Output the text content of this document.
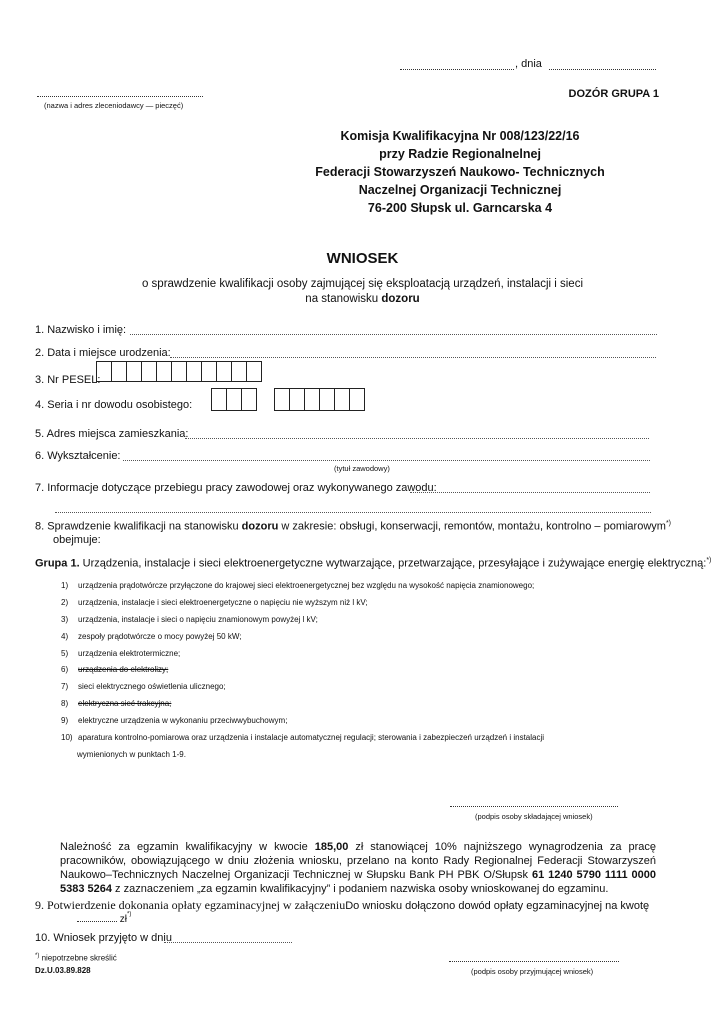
, dnia
(nazwa i adres zleceniodawcy — pieczęć)
DOZÓR GRUPA 1
Komisja Kwalifikacyjna Nr 008/123/22/16
przy Radzie Regionalnelnej
Federacji Stowarzyszeń Naukowo- Technicznych
Naczelnej Organizacji Technicznej
76-200 Słupsk ul. Garncarska 4
WNIOSEK
o sprawdzenie kwalifikacji osoby zajmującej się eksploatacją urządzeń, instalacji i sieci
na stanowisku dozoru
1. Nazwisko i imię:
2. Data i miejsce urodzenia:
3. Nr PESEL:
4. Seria i nr dowodu osobistego:
5. Adres miejsca zamieszkania:
6. Wykształcenie:
(tytuł zawodowy)
7. Informacje dotyczące przebiegu pracy zawodowej oraz wykonywanego zawodu:
8. Sprawdzenie kwalifikacji na stanowisku dozoru w zakresie: obsługi, konserwacji, remontów, montażu, kontrolno – pomiarowym*)
obejmuje:
Grupa 1. Urządzenia, instalacje i sieci elektroenergetyczne wytwarzające, przetwarzające, przesyłające i zużywające energię elektryczną:*)
1) urządzenia prądotwórcze przyłączone do krajowej sieci elektroenergetycznej bez względu na wysokość napięcia znamionowego;
2) urządzenia, instalacje i sieci elektroenergetyczne o napięciu nie wyższym niż l kV;
3) urządzenia, instalacje i sieci o napięciu znamionowym powyżej l kV;
4) zespoły prądotwórcze o mocy powyżej 50 kW;
5) urządzenia elektrotermiczne;
6) urządzenia do elektrolizy;
7) sieci elektrycznego oświetlenia ulicznego;
8) elektryczna sieć trakcyjna;
9) elektryczne urządzenia w wykonaniu przeciwwybuchowym;
10) aparatura kontrolno-pomiarowa oraz urządzenia i instalacje automatycznej regulacji; sterowania i zabezpieczeń urządzeń i instalacji
wymienionych w punktach 1-9.
(podpis osoby składającej wniosek)
Należność za egzamin kwalifikacyjny w kwocie 185,00 zł stanowiącej 10% najniższego wynagrodzenia za pracę pracowników, obowiązującego w dniu złożenia wniosku, przelano na konto Rady Regionalnej Federacji Stowarzyszeń Naukowo–Technicznych Naczelnej Organizacji Technicznej w Słupsku Bank PH PBK O/Słupsk 61 1240 5790 1111 0000 5383 5264 z zaznaczeniem „za egzamin kwalifikacyjny” i podaniem nazwiska osoby wnioskowanej do egzaminu.
9. Potwierdzenie dokonania opłaty egzaminacyjnej w załączeniuDo wniosku dołączono dowód opłaty egzaminacyjnej na kwotę
zł*)
10. Wniosek przyjęto w dniu
*) niepotrzebne skreślić
Dz.U.03.89.828	(podpis osoby przyjmującej wniosek)
